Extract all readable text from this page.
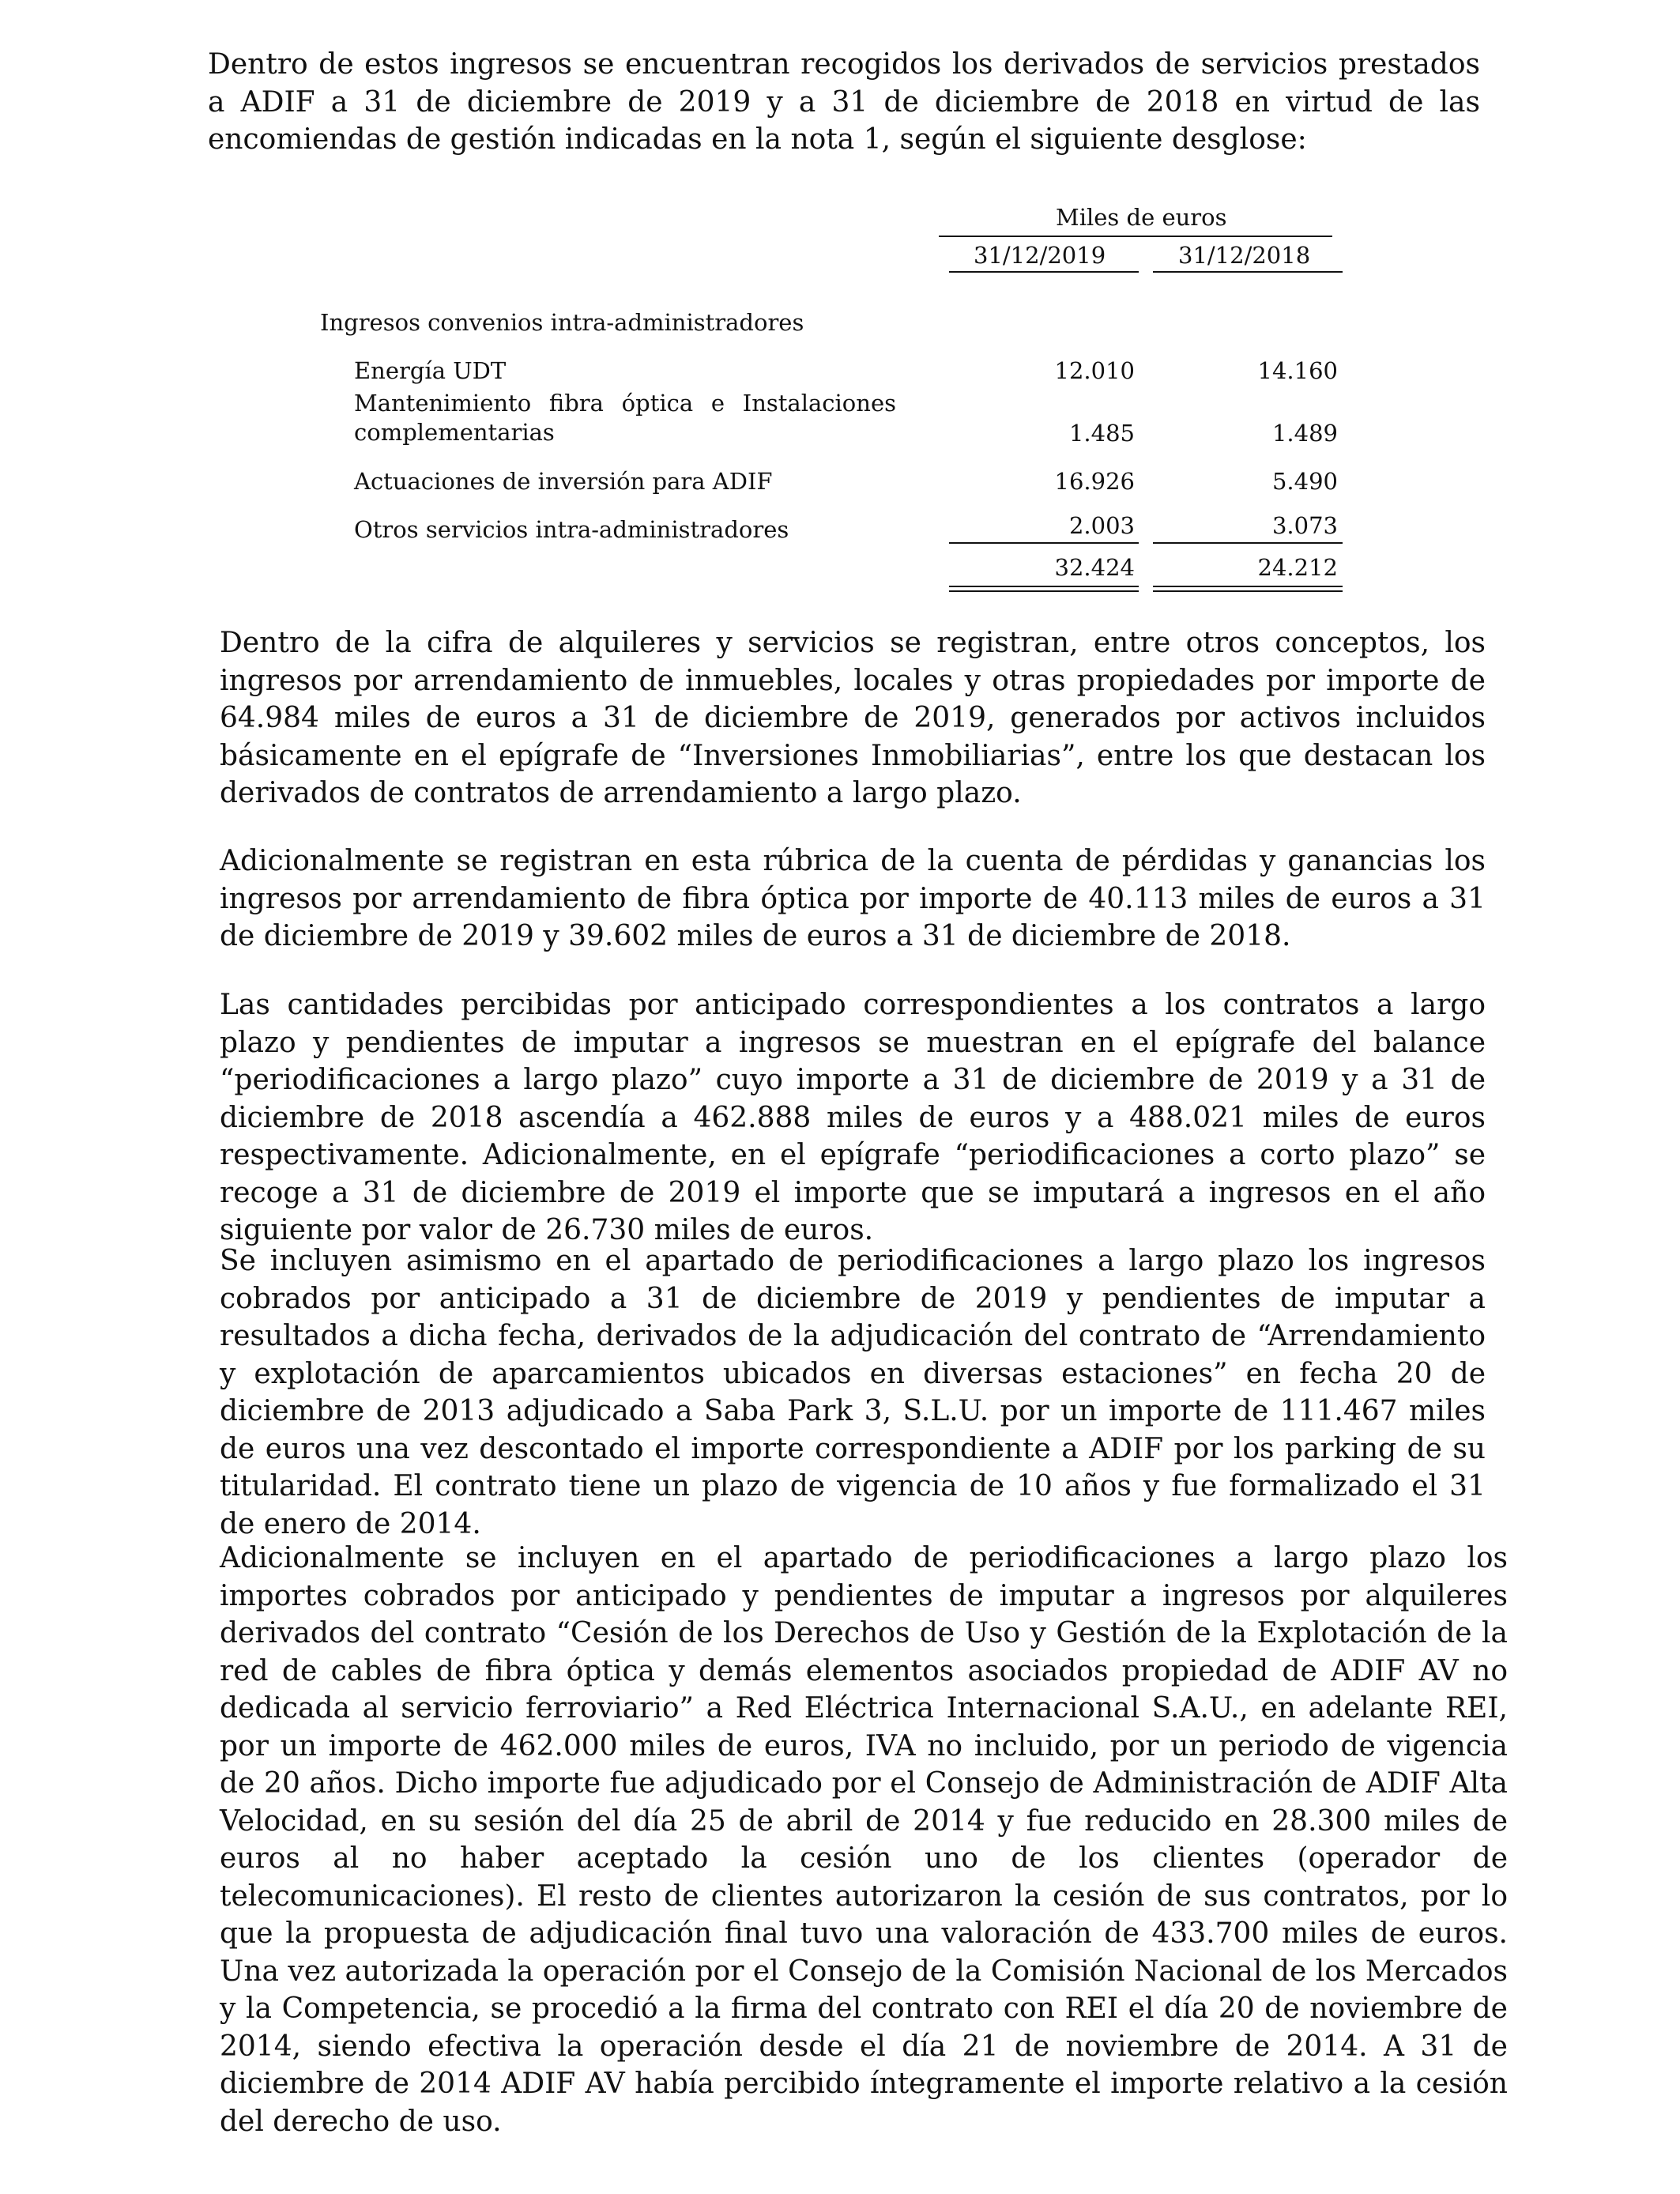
Dentro de estos ingresos se encuentran recogidos los derivados de servicios prestados a ADIF a 31 de diciembre de 2019 y a 31 de diciembre de 2018 en virtud de las encomiendas de gestión indicadas en la nota 1, según el siguiente desglose:

Miles de euros
31/12/2019	31/12/2018
Ingresos convenios intra-administradores
Energía UDT	12.010	14.160
Mantenimiento fibra óptica e Instalaciones complementarias	1.485	1.489
Actuaciones de inversión para ADIF	16.926	5.490
Otros servicios intra-administradores	2.003	3.073
32.424	24.212

Dentro de la cifra de alquileres y servicios se registran, entre otros conceptos, los ingresos por arrendamiento de inmuebles, locales y otras propiedades por importe de 64.984 miles de euros a 31 de diciembre de 2019, generados por activos incluidos básicamente en el epígrafe de “Inversiones Inmobiliarias”, entre los que destacan los derivados de contratos de arrendamiento a largo plazo.

Adicionalmente se registran en esta rúbrica de la cuenta de pérdidas y ganancias los ingresos por arrendamiento de fibra óptica por importe de 40.113 miles de euros a 31 de diciembre de 2019 y 39.602 miles de euros a 31 de diciembre de 2018.

Las cantidades percibidas por anticipado correspondientes a los contratos a largo plazo y pendientes de imputar a ingresos se muestran en el epígrafe del balance “periodificaciones a largo plazo” cuyo importe a 31 de diciembre de 2019 y a 31 de diciembre de 2018 ascendía a 462.888 miles de euros y a 488.021 miles de euros respectivamente. Adicionalmente, en el epígrafe “periodificaciones a corto plazo” se recoge a 31 de diciembre de 2019 el importe que se imputará a ingresos en el año siguiente por valor de 26.730 miles de euros.

Se incluyen asimismo en el apartado de periodificaciones a largo plazo los ingresos cobrados por anticipado a 31 de diciembre de 2019 y pendientes de imputar a resultados a dicha fecha, derivados de la adjudicación del contrato de “Arrendamiento y explotación de aparcamientos ubicados en diversas estaciones” en fecha 20 de diciembre de 2013 adjudicado a Saba Park 3, S.L.U. por un importe de 111.467 miles de euros una vez descontado el importe correspondiente a ADIF por los parking de su titularidad. El contrato tiene un plazo de vigencia de 10 años y fue formalizado el 31 de enero de 2014.

Adicionalmente se incluyen en el apartado de periodificaciones a largo plazo los importes cobrados por anticipado y pendientes de imputar a ingresos por alquileres derivados del contrato “Cesión de los Derechos de Uso y Gestión de la Explotación de la red de cables de fibra óptica y demás elementos asociados propiedad de ADIF AV no dedicada al servicio ferroviario” a Red Eléctrica Internacional S.A.U., en adelante REI, por un importe de 462.000 miles de euros, IVA no incluido, por un periodo de vigencia de 20 años. Dicho importe fue adjudicado por el Consejo de Administración de ADIF Alta Velocidad, en su sesión del día 25 de abril de 2014 y fue reducido en 28.300 miles de euros al no haber aceptado la cesión uno de los clientes (operador de telecomunicaciones). El resto de clientes autorizaron la cesión de sus contratos, por lo que la propuesta de adjudicación final tuvo una valoración de 433.700 miles de euros. Una vez autorizada la operación por el Consejo de la Comisión Nacional de los Mercados y la Competencia, se procedió a la firma del contrato con REI el día 20 de noviembre de 2014, siendo efectiva la operación desde el día 21 de noviembre de 2014. A 31 de diciembre de 2014 ADIF AV había percibido íntegramente el importe relativo a la cesión del derecho de uso.
